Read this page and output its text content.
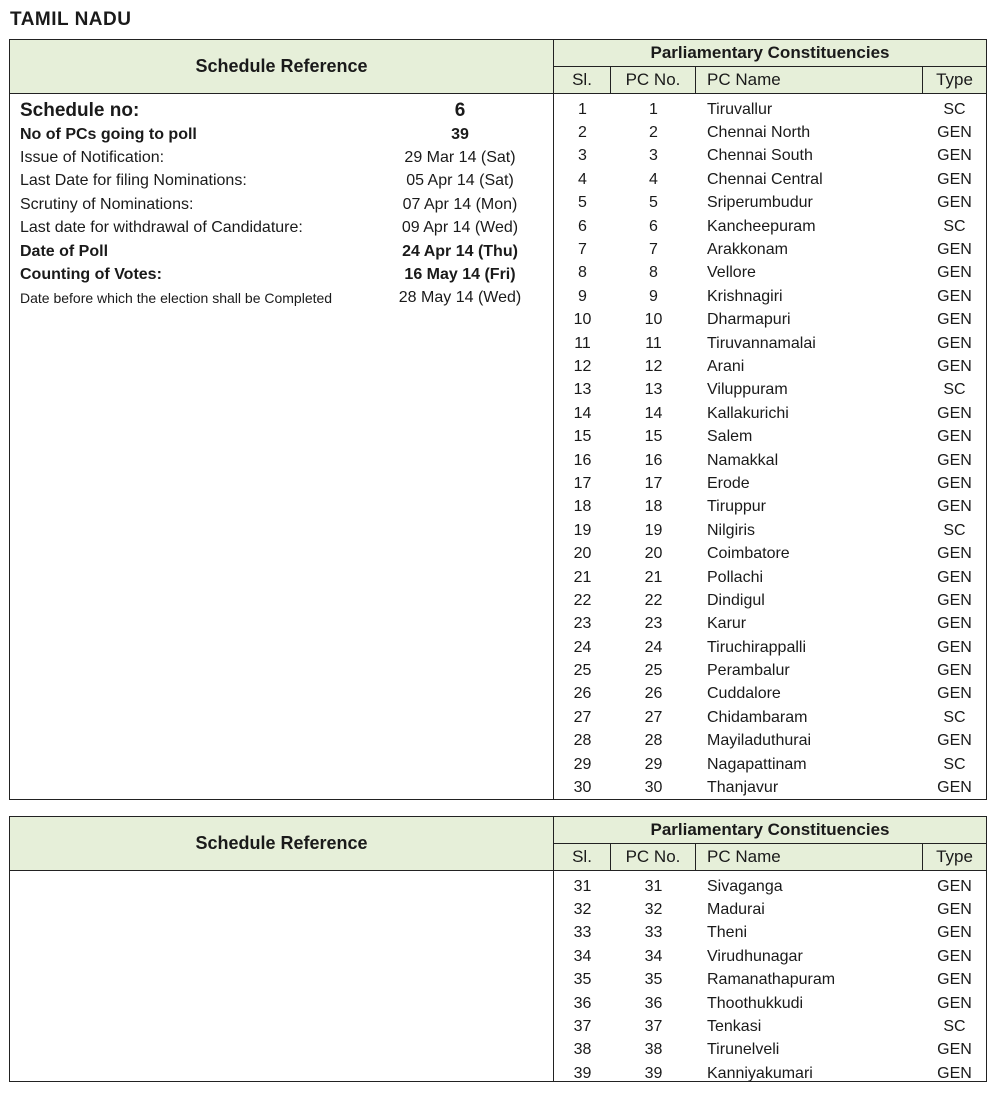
TAMIL NADU
Schedule Reference
Schedule no:	6
No of PCs going to poll	39
Issue of Notification:	29 Mar 14 (Sat)
Last Date for filing Nominations:	05 Apr 14 (Sat)
Scrutiny of Nominations:	07 Apr 14 (Mon)
Last date for withdrawal of Candidature:	09 Apr 14 (Wed)
Date of Poll	24 Apr 14 (Thu)
Counting of Votes:	16 May 14 (Fri)
Date before which the election shall be Completed	28 May 14 (Wed)
Parliamentary Constituencies
Sl.	PC No.	PC Name	Type
1	1	Tiruvallur	SC
2	2	Chennai North	GEN
3	3	Chennai South	GEN
4	4	Chennai Central	GEN
5	5	Sriperumbudur	GEN
6	6	Kancheepuram	SC
7	7	Arakkonam	GEN
8	8	Vellore	GEN
9	9	Krishnagiri	GEN
10	10	Dharmapuri	GEN
11	11	Tiruvannamalai	GEN
12	12	Arani	GEN
13	13	Viluppuram	SC
14	14	Kallakurichi	GEN
15	15	Salem	GEN
16	16	Namakkal	GEN
17	17	Erode	GEN
18	18	Tiruppur	GEN
19	19	Nilgiris	SC
20	20	Coimbatore	GEN
21	21	Pollachi	GEN
22	22	Dindigul	GEN
23	23	Karur	GEN
24	24	Tiruchirappalli	GEN
25	25	Perambalur	GEN
26	26	Cuddalore	GEN
27	27	Chidambaram	SC
28	28	Mayiladuthurai	GEN
29	29	Nagapattinam	SC
30	30	Thanjavur	GEN
Schedule Reference
Parliamentary Constituencies
Sl.	PC No.	PC Name	Type
31	31	Sivaganga	GEN
32	32	Madurai	GEN
33	33	Theni	GEN
34	34	Virudhunagar	GEN
35	35	Ramanathapuram	GEN
36	36	Thoothukkudi	GEN
37	37	Tenkasi	SC
38	38	Tirunelveli	GEN
39	39	Kanniyakumari	GEN
